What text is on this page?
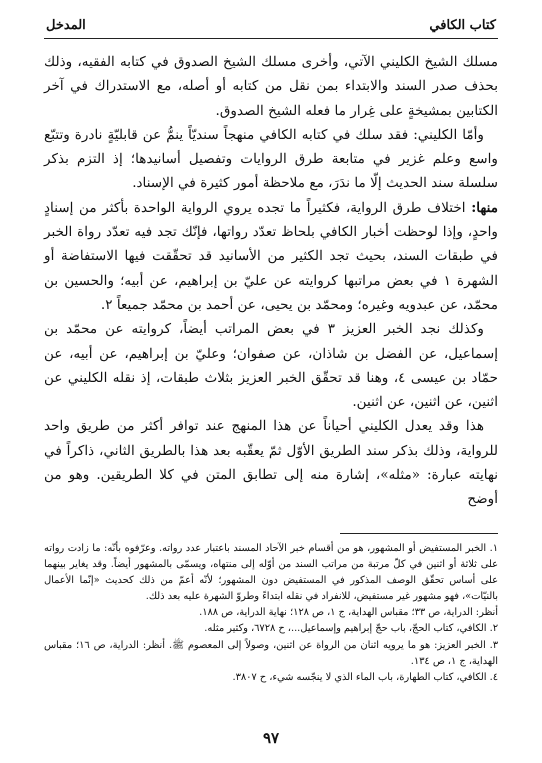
كتاب الكافي
المدخل

مسلك الشيخ الكليني الآتي، وأخرى مسلك الشيخ الصدوق في كتابه الفقيه، وذلك بحذف صدر السند والابتداء بمن نقل من كتابه أو أصله، مع الاستدراك في آخر الكتابين بمشيخةٍ على غِرار ما فعله الشيخ الصدوق.

وأمّا الكليني: فقد سلك في كتابه الكافي منهجاً سنديّاً ينمُّ عن قابليّةٍ نادرة وتتبّع واسع وعلم غزير في متابعة طرق الروايات وتفصيل أسانيدها؛ إذ التزم بذكر سلسلة سند الحديث إلّا ما ندَرَ، مع ملاحظة أمور كثيرة في الإسناد.

منها: اختلاف طرق الرواية، فكثيراً ما تجده يروي الرواية الواحدة بأكثر من إسنادٍ واحدٍ، وإذا لوحظت أخبار الكافي بلحاظ تعدّد رواتها، فإنّك تجد فيه تعدّد رواة الخبر في طبقات السند، بحيث تجد الكثير من الأسانيد قد تحقّقت فيها الاستفاضة أو الشهرة ١ في بعض مراتبها كروايته عن عليّ بن إبراهيم، عن أبيه؛ والحسين بن محمّد، عن عبدويه وغيره؛ ومحمّد بن يحيى، عن أحمد بن محمّد جميعاً ٢.

وكذلك نجد الخبر العزيز ٣ في بعض المراتب أيضاً، كروايته عن محمّد بن إسماعيل، عن الفضل بن شاذان، عن صفوان؛ وعليّ بن إبراهيم، عن أبيه، عن حمّاد بن عيسى ٤، وهنا قد تحقّق الخبر العزيز بثلاث طبقات، إذ نقله الكليني عن اثنين، عن اثنين، عن اثنين.

هذا وقد يعدل الكليني أحياناً عن هذا المنهج عند توافر أكثر من طريق واحد للرواية، وذلك بذكر سند الطريق الأوّل ثمّ يعقّبه بعد هذا بالطريق الثاني، ذاكراً في نهايته عبارة: «مثله»، إشارة منه إلى تطابق المتن في كلا الطريقين. وهو من أوضح

١. الخبر المستفيض أو المشهور، هو من أقسام خبر الآحاد المسند باعتبار عدد رواته. وعرّفوه بأنّه: ما زادت رواته على ثلاثة أو اثنين في كلّ مرتبة من مراتب السند من أوّله إلى منتهاه، ويسمّى بالمشهور أيضاً. وقد يغاير بينهما على أساس تحقّق الوصف المذكور في المستفيض دون المشهور؛ لأنّه أعمّ من ذلك كحديث «إنّما الأعمال بالنيّات»، فهو مشهور غير مستفيض، للانفراد في نقله ابتداءً وطروّ الشهرة عليه بعد ذلك.

أنظر: الدراية، ص ٣٣؛ مقباس الهداية، ج ١، ص ١٢٨؛ نهاية الدراية، ص ١٨٨.

٢. الكافي، كتاب الحجّ، باب حجّ إبراهيم وإسماعيل...، ح ٦٧٢٨، وكثير مثله.

٣. الخبر العزيز: هو ما يرويه اثنان من الرواة عن اثنين، وصولاً إلى المعصوم ﷺ. أنظر: الدراية، ص ١٦؛ مقباس الهداية، ج ١، ص ١٣٤.

٤. الكافي، كتاب الطهارة، باب الماء الذي لا ينجّسه شيء، ح ٣٨٠٧.

٩٧
